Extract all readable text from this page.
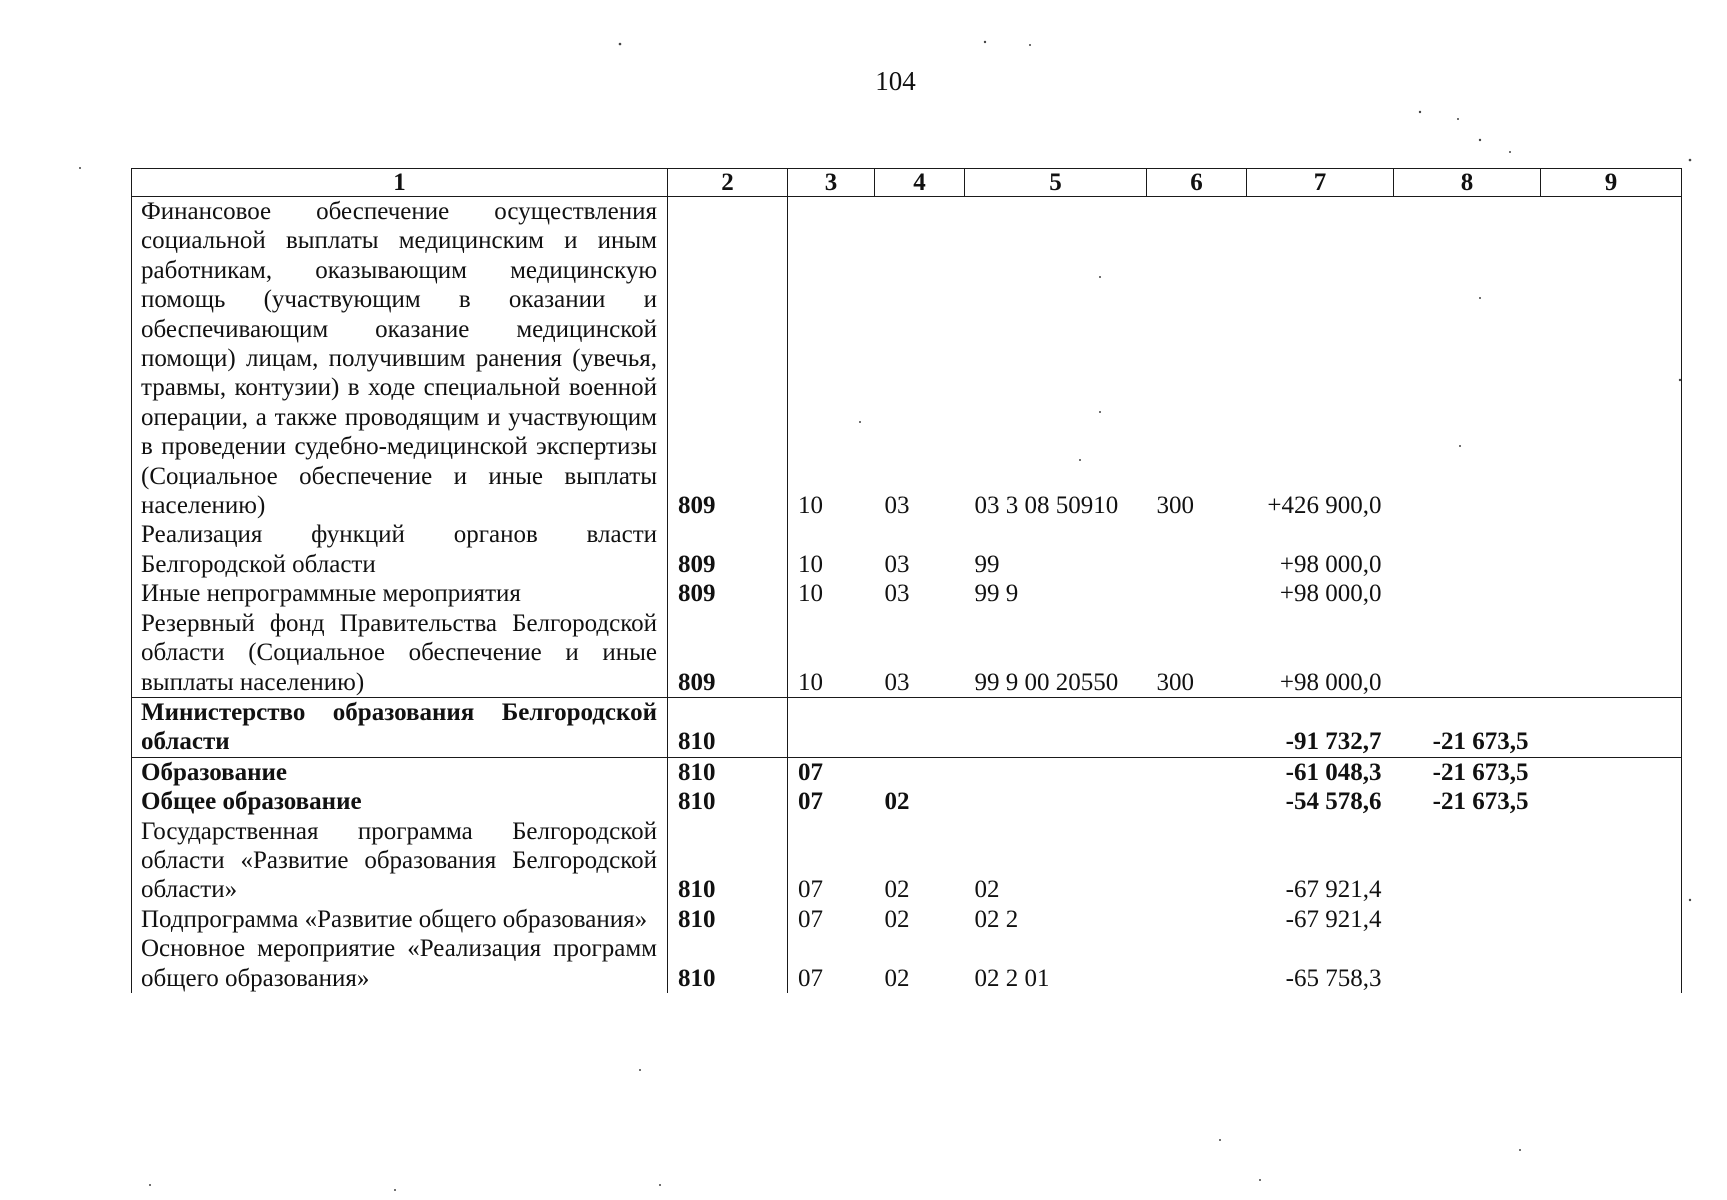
104
1	2	3	4	5	6	7	8	9
Финансовое обеспечение осуществления социальной выплаты медицинским и иным работникам, оказывающим медицинскую помощь (участвующим в оказании и обеспечивающим оказание медицинской помощи) лицам, получившим ранения (увечья, травмы, контузии) в ходе специальной военной операции, а также проводящим и участвующим в проведении судебно-медицинской экспертизы (Социальное обеспечение и иные выплаты населению)	809	10	03	03 3 08 50910	300	+426 900,0		
Реализация функций органов власти Белгородской области	809	10	03	99		+98 000,0		
Иные непрограммные мероприятия	809	10	03	99 9		+98 000,0		
Резервный фонд Правительства Белгородской области (Социальное обеспечение и иные выплаты населению)	809	10	03	99 9 00 20550	300	+98 000,0		
Министерство образования Белгородской области	810					-91 732,7	-21 673,5	
Образование	810	07				-61 048,3	-21 673,5	
Общее образование	810	07	02			-54 578,6	-21 673,5	
Государственная программа Белгородской области «Развитие образования Белгородской области»	810	07	02	02		-67 921,4		
Подпрограмма «Развитие общего образования»	810	07	02	02 2		-67 921,4		
Основное мероприятие «Реализация программ общего образования»	810	07	02	02 2 01		-65 758,3		
